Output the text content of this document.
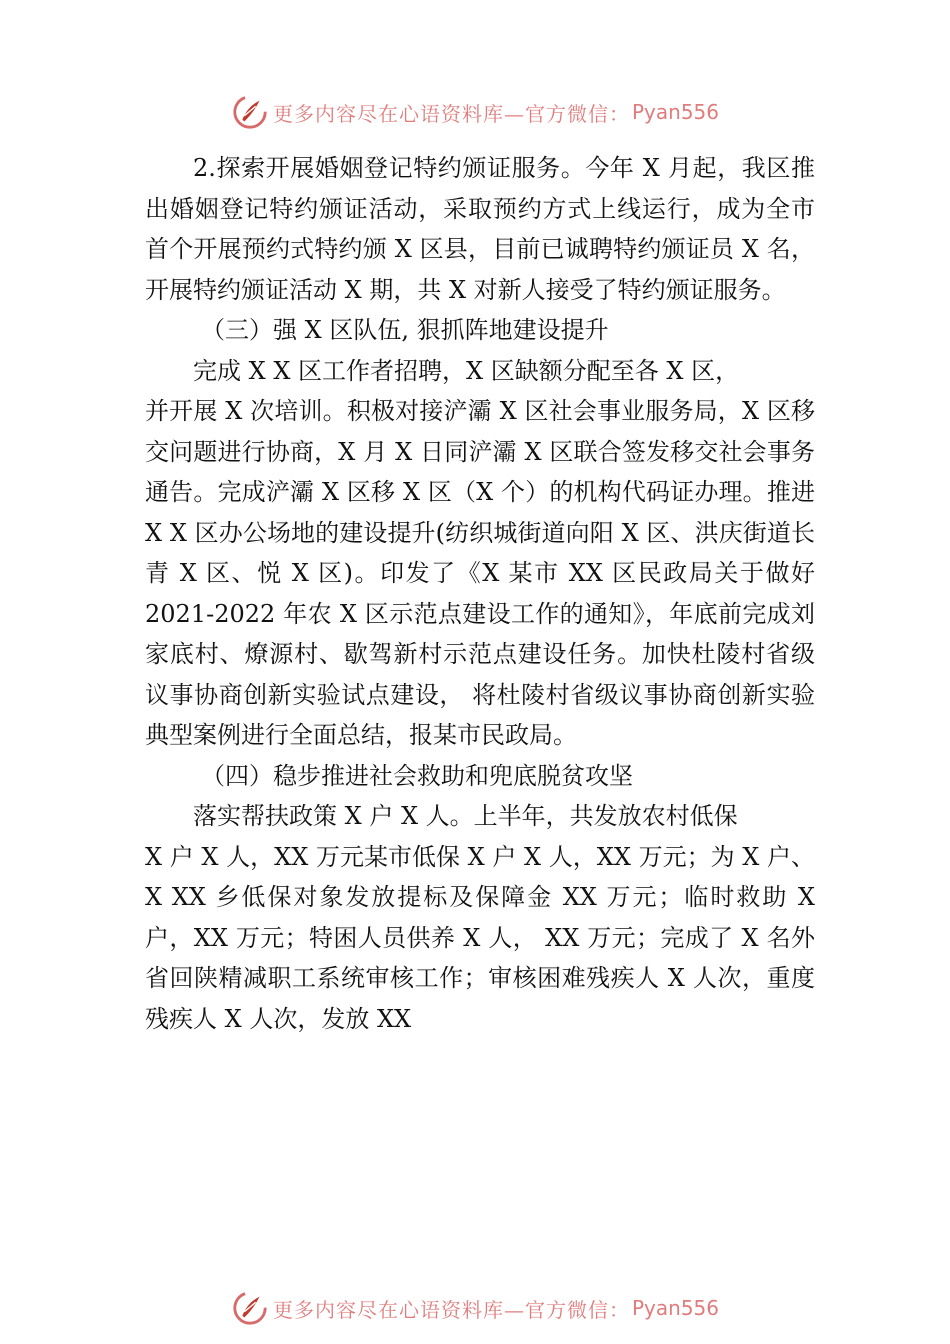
更多内容尽在心语资料库—官方微信： Pyan556

2.探索开展婚姻登记特约颁证服务。今年 X 月起，我区推出婚姻登记特约颁证活动，采取预约方式上线运行，成为全市首个开展预约式特约颁 X 区县，目前已诚聘特约颁证员 X 名，开展特约颁证活动 X 期，共 X 对新人接受了特约颁证服务。

（三）强 X 区队伍, 狠抓阵地建设提升

完成 X X 区工作者招聘，X 区缺额分配至各 X 区，

并开展 X 次培训。积极对接浐灞 X 区社会事业服务局，X 区移交问题进行协商，X 月 X 日同浐灞 X 区联合签发移交社会事务通告。完成浐灞 X 区移 X 区（X 个）的机构代码证办理。推进 X X 区办公场地的建设提升(纺织城街道向阳 X 区、洪庆街道长青 X 区、悦 X 区)。印发了《X 某市 XX 区民政局关于做好 2021-2022 年农 X 区示范点建设工作的通知》，年底前完成刘家底村、燎源村、歇驾新村示范点建设任务。加快杜陵村省级议事协商创新实验试点建设， 将杜陵村省级议事协商创新实验典型案例进行全面总结，报某市民政局。

（四）稳步推进社会救助和兜底脱贫攻坚

落实帮扶政策 X 户 X 人。上半年，共发放农村低保

X 户 X 人，XX 万元某市低保 X 户 X 人，XX 万元；为 X 户、X XX 乡低保对象发放提标及保障金 XX 万元；临时救助 X 户，XX 万元；特困人员供养 X 人， XX 万元；完成了 X 名外省回陕精减职工系统审核工作；审核困难残疾人 X 人次，重度残疾人 X 人次，发放 XX

更多内容尽在心语资料库—官方微信： Pyan556
